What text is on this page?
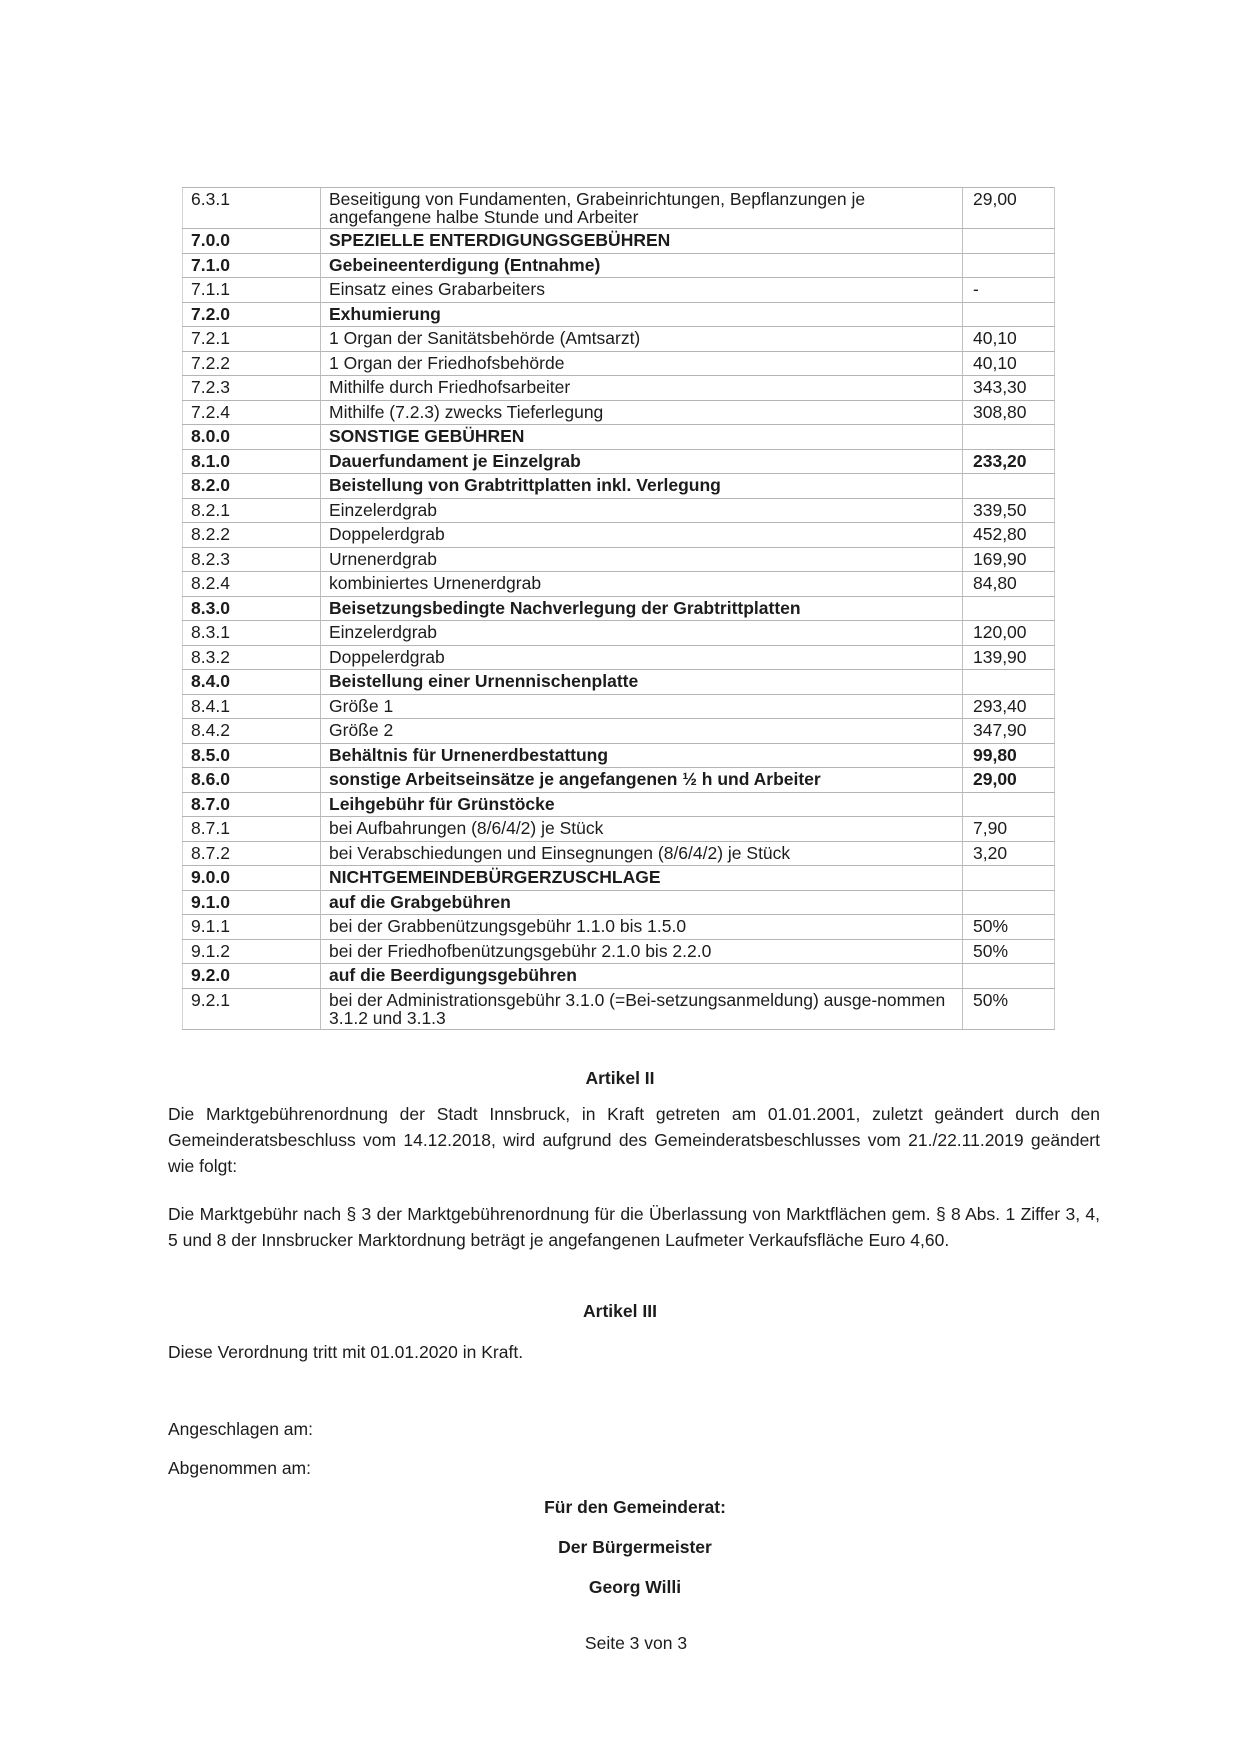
6.3.1	Beseitigung von Fundamenten, Grabeinrichtungen, Bepflanzungen je angefangene halbe Stunde und Arbeiter	29,00
7.0.0	SPEZIELLE ENTERDIGUNGSGEBÜHREN	
7.1.0	Gebeineenterdigung (Entnahme)	
7.1.1	Einsatz eines Grabarbeiters	-
7.2.0	Exhumierung	
7.2.1	1 Organ der Sanitätsbehörde (Amtsarzt)	40,10
7.2.2	1 Organ der Friedhofsbehörde	40,10
7.2.3	Mithilfe durch Friedhofsarbeiter	343,30
7.2.4	Mithilfe (7.2.3) zwecks Tieferlegung	308,80
8.0.0	SONSTIGE GEBÜHREN	
8.1.0	Dauerfundament je Einzelgrab	233,20
8.2.0	Beistellung von Grabtrittplatten inkl. Verlegung	
8.2.1	Einzelerdgrab	339,50
8.2.2	Doppelerdgrab	452,80
8.2.3	Urnenerdgrab	169,90
8.2.4	kombiniertes Urnenerdgrab	84,80
8.3.0	Beisetzungsbedingte Nachverlegung der Grabtrittplatten	
8.3.1	Einzelerdgrab	120,00
8.3.2	Doppelerdgrab	139,90
8.4.0	Beistellung einer Urnennischenplatte	
8.4.1	Größe 1	293,40
8.4.2	Größe 2	347,90
8.5.0	Behältnis für Urnenerdbestattung	99,80
8.6.0	sonstige Arbeitseinsätze je angefangenen ½ h und Arbeiter	29,00
8.7.0	Leihgebühr für Grünstöcke	
8.7.1	bei Aufbahrungen (8/6/4/2) je Stück	7,90
8.7.2	bei Verabschiedungen und Einsegnungen (8/6/4/2) je Stück	3,20
9.0.0	NICHTGEMEINDEBÜRGERZUSCHLAGE	
9.1.0	auf die Grabgebühren	
9.1.1	bei der Grabbenützungsgebühr 1.1.0 bis 1.5.0	50%
9.1.2	bei der Friedhofbenützungsgebühr 2.1.0 bis 2.2.0	50%
9.2.0	auf die Beerdigungsgebühren	
9.2.1	bei der Administrationsgebühr 3.1.0 (=Bei-setzungsanmeldung) ausge-nommen 3.1.2 und 3.1.3	50%
Artikel II
Die Marktgebührenordnung der Stadt Innsbruck, in Kraft getreten am 01.01.2001, zuletzt geändert durch den Gemeinderatsbeschluss vom 14.12.2018, wird aufgrund des Gemeinderatsbeschlusses vom 21./22.11.2019 geändert wie folgt:
Die Marktgebühr nach § 3 der Marktgebührenordnung für die Überlassung von Marktflächen gem. § 8 Abs. 1 Ziffer 3, 4, 5 und 8 der Innsbrucker Marktordnung beträgt je angefangenen Laufmeter Verkaufsfläche Euro 4,60.
Artikel III
Diese Verordnung tritt mit 01.01.2020 in Kraft.
Angeschlagen am:
Abgenommen am:
Für den Gemeinderat:
Der Bürgermeister
Georg Willi
Seite 3 von 3
